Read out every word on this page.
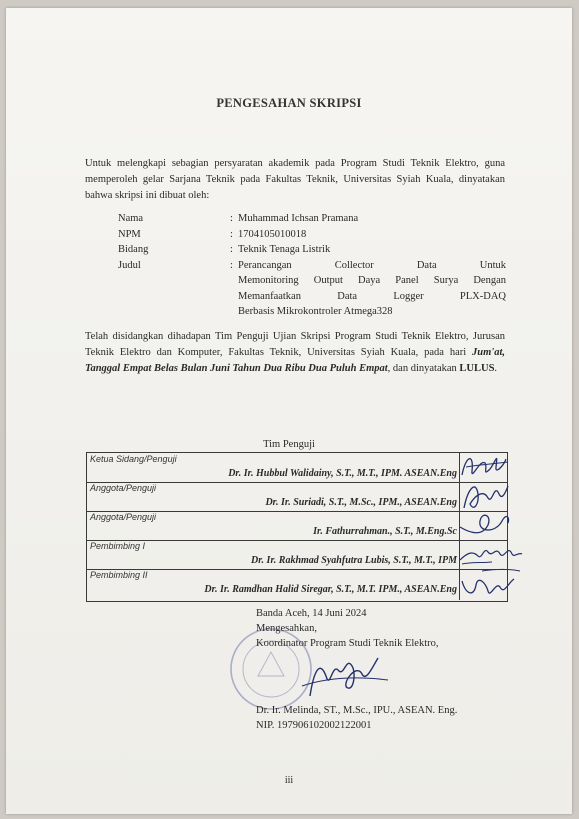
PENGESAHAN SKRIPSI
Untuk melengkapi sebagian persyaratan akademik pada Program Studi Teknik Elektro, guna memperoleh gelar Sarjana Teknik pada Fakultas Teknik, Universitas Syiah Kuala, dinyatakan bahwa skripsi ini dibuat oleh:
Nama	: Muhammad Ichsan Pramana
NPM	: 1704105010018
Bidang	: Teknik Tenaga Listrik
Judul	: Perancangan Collector Data Untuk
Memonitoring Output Daya Panel Surya Dengan
Memanfaatkan Data Logger PLX-DAQ
Berbasis Mikrokontroler Atmega328
Telah disidangkan dihadapan Tim Penguji Ujian Skripsi Program Studi Teknik Elektro, Jurusan Teknik Elektro dan Komputer, Fakultas Teknik, Universitas Syiah Kuala, pada hari Jum'at, Tanggal Empat Belas Bulan Juni Tahun Dua Ribu Dua Puluh Empat, dan dinyatakan LULUS.
Tim Penguji
Ketua Sidang/Penguji
Dr. Ir. Hubbul Walidainy, S.T., M.T., IPM. ASEAN.Eng
Anggota/Penguji
Dr. Ir. Suriadi, S.T., M.Sc., IPM., ASEAN.Eng
Anggota/Penguji
Ir. Fathurrahman., S.T., M.Eng.Sc
Pembimbing I
Dr. Ir. Rakhmad Syahfutra Lubis, S.T., M.T., IPM
Pembimbing II
Dr. Ir. Ramdhan Halid Siregar, S.T., M.T. IPM., ASEAN.Eng
Banda Aceh, 14 Juni 2024
Mengesahkan,
Koordinator Program Studi Teknik Elektro,
Dr. Ir. Melinda, ST., M.Sc., IPU., ASEAN. Eng.
NIP. 197906102002122001
iii
